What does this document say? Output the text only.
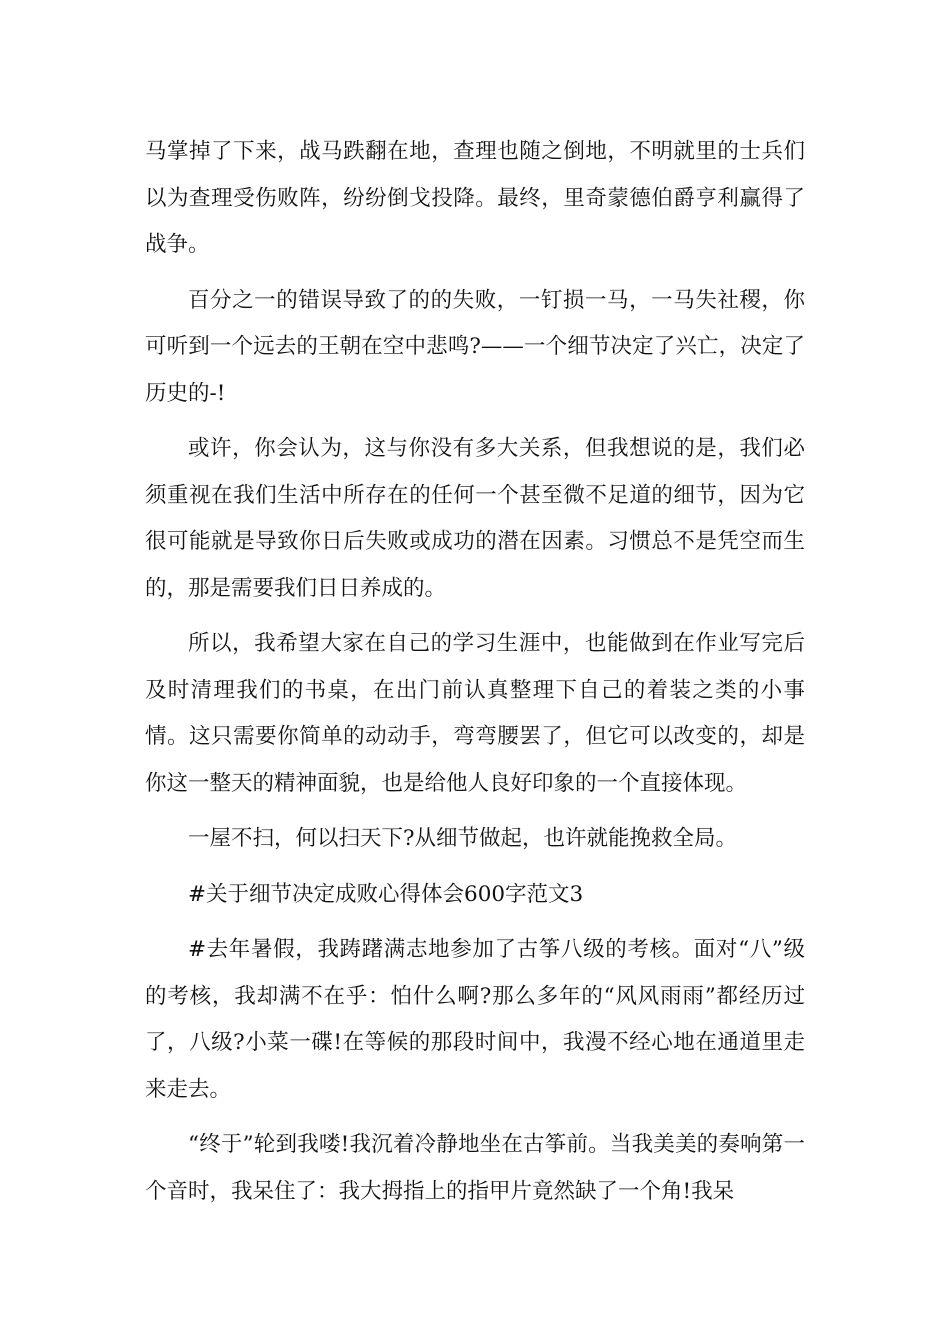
马掌掉了下来，战马跌翻在地，查理也随之倒地，不明就里的士兵们以为查理受伤败阵，纷纷倒戈投降。最终，里奇蒙德伯爵亨利赢得了战争。

百分之一的错误导致了的的失败，一钉损一马，一马失社稷，你可听到一个远去的王朝在空中悲鸣?——一个细节决定了兴亡，决定了历史的-!

或许，你会认为，这与你没有多大关系，但我想说的是，我们必须重视在我们生活中所存在的任何一个甚至微不足道的细节，因为它很可能就是导致你日后失败或成功的潜在因素。习惯总不是凭空而生的，那是需要我们日日养成的。

所以，我希望大家在自己的学习生涯中，也能做到在作业写完后及时清理我们的书桌，在出门前认真整理下自己的着装之类的小事情。这只需要你简单的动动手，弯弯腰罢了，但它可以改变的，却是你这一整天的精神面貌，也是给他人良好印象的一个直接体现。

一屋不扫，何以扫天下?从细节做起，也许就能挽救全局。

#关于细节决定成败心得体会600字范文3

#去年暑假，我踌躇满志地参加了古筝八级的考核。面对“八”级的考核，我却满不在乎：怕什么啊?那么多年的“风风雨雨”都经历过了，八级?小菜一碟!在等候的那段时间中，我漫不经心地在通道里走来走去。

“终于”轮到我喽!我沉着冷静地坐在古筝前。当我美美的奏响第一个音时，我呆住了：我大拇指上的指甲片竟然缺了一个角!我呆
